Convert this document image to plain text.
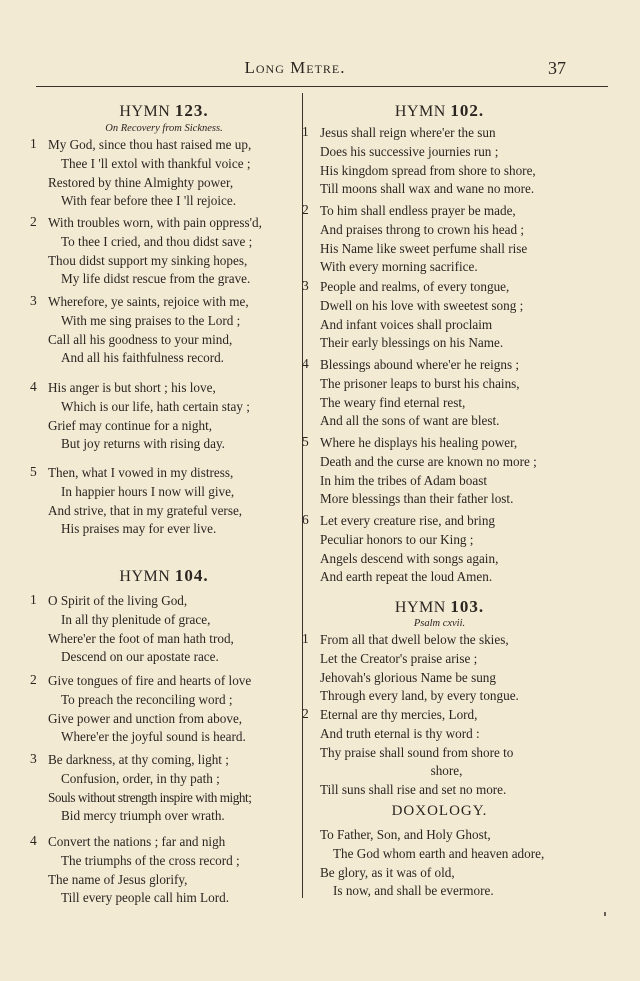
Long Metre.	37
HYMN 123.
On Recovery from Sickness.
1 My God, since thou hast raised me up,
Thee I 'll extol with thankful voice ;
Restored by thine Almighty power,
With fear before thee I 'll rejoice.
2 With troubles worn, with pain oppress'd,
To thee I cried, and thou didst save ;
Thou didst support my sinking hopes,
My life didst rescue from the grave.
3 Wherefore, ye saints, rejoice with me,
With me sing praises to the Lord ;
Call all his goodness to your mind,
And all his faithfulness record.
4 His anger is but short ; his love,
Which is our life, hath certain stay ;
Grief may continue for a night,
But joy returns with rising day.
5 Then, what I vowed in my distress,
In happier hours I now will give,
And strive, that in my grateful verse,
His praises may for ever live.
HYMN 104.
1 O Spirit of the living God,
In all thy plenitude of grace,
Where'er the foot of man hath trod,
Descend on our apostate race.
2 Give tongues of fire and hearts of love
To preach the reconciling word ;
Give power and unction from above,
Where'er the joyful sound is heard.
3 Be darkness, at thy coming, light ;
Confusion, order, in thy path ;
Souls without strength inspire with might;
Bid mercy triumph over wrath.
4 Convert the nations ; far and nigh
The triumphs of the cross record ;
The name of Jesus glorify,
Till every people call him Lord.
HYMN 102.
1 Jesus shall reign where'er the sun
Does his successive journies run ;
His kingdom spread from shore to shore,
Till moons shall wax and wane no more.
2 To him shall endless prayer be made,
And praises throng to crown his head ;
His Name like sweet perfume shall rise
With every morning sacrifice.
3 People and realms, of every tongue,
Dwell on his love with sweetest song ;
And infant voices shall proclaim
Their early blessings on his Name.
4 Blessings abound where'er he reigns ;
The prisoner leaps to burst his chains,
The weary find eternal rest,
And all the sons of want are blest.
5 Where he displays his healing power,
Death and the curse are known no more ;
In him the tribes of Adam boast
More blessings than their father lost.
6 Let every creature rise, and bring
Peculiar honors to our King ;
Angels descend with songs again,
And earth repeat the loud Amen.
HYMN 103.
Psalm cxvii.
1 From all that dwell below the skies,
Let the Creator's praise arise ;
Jehovah's glorious Name be sung
Through every land, by every tongue.
2 Eternal are thy mercies, Lord,
And truth eternal is thy word :
Thy praise shall sound from shore to
shore,
Till suns shall rise and set no more.
DOXOLOGY.
To Father, Son, and Holy Ghost,
The God whom earth and heaven adore,
Be glory, as it was of old,
Is now, and shall be evermore.
